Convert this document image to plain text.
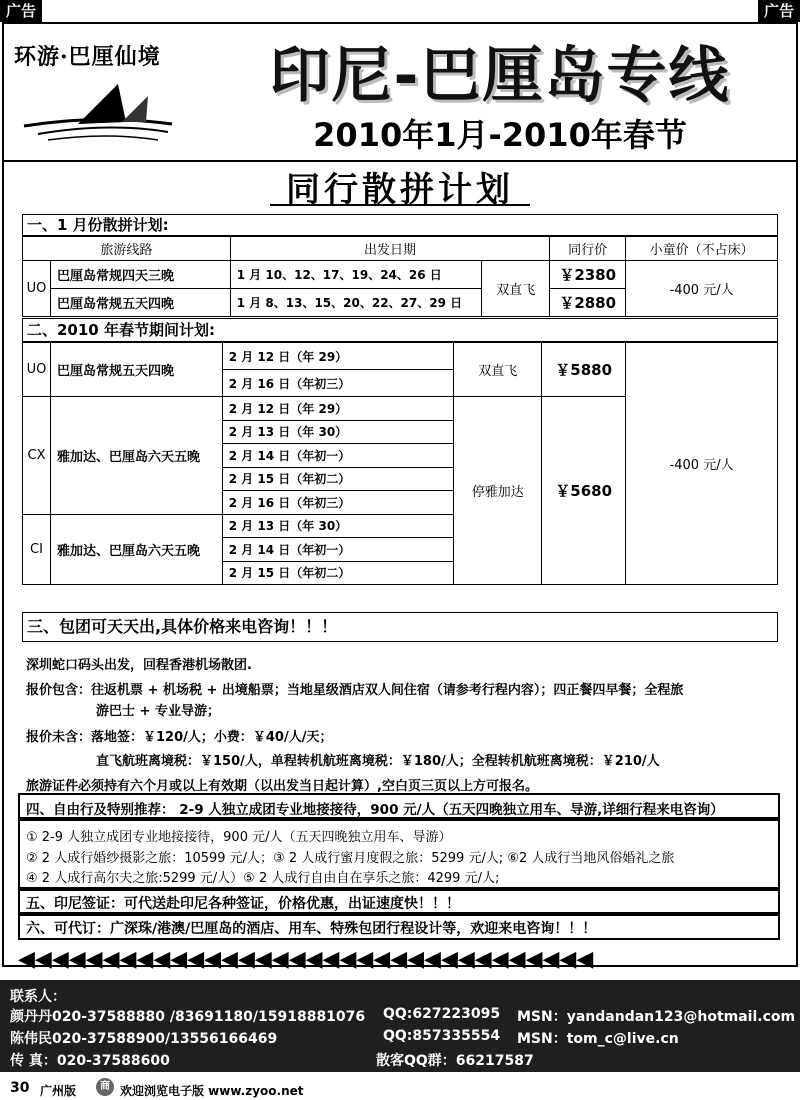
广告	广告
环游·巴厘仙境	印尼-巴厘岛专线
2010年1月-2010年春节
同行散拼计划
一、1 月份散拼计划:
旅游线路		出发日期		同行价	小童价（不占床）
UO	巴厘岛常规四天三晚	1 月 10、12、17、19、24、26 日	双直飞	￥2380	-400 元/人
	巴厘岛常规五天四晚	1 月 8、13、15、20、22、27、29 日		￥2880	
二、2010 年春节期间计划:
UO	巴厘岛常规五天四晚	2 月 12 日（年 29）	双直飞	￥5880	-400 元/人
		2 月 16 日（年初三）			
CX	雅加达、巴厘岛六天五晚	2 月 12 日（年 29）	停雅加达	￥5680	
		2 月 13 日（年 30）			
		2 月 14 日（年初一）			
		2 月 15 日（年初二）			
		2 月 16 日（年初三）			
CI	雅加达、巴厘岛六天五晚	2 月 13 日（年 30）			
		2 月 14 日（年初一）			
		2 月 15 日（年初二）			
三、包团可天天出,具体价格来电咨询！！！
深圳蛇口码头出发，回程香港机场散团.
报价包含：往返机票 + 机场税 + 出境船票；当地星级酒店双人间住宿（请参考行程内容）；四正餐四早餐；全程旅
游巴士 + 专业导游；
报价未含：落地签：￥120/人；小费：￥40/人/天；
直飞航班离境税：￥150/人，单程转机航班离境税：￥180/人；全程转机航班离境税：￥210/人
旅游证件必须持有六个月或以上有效期（以出发当日起计算）,空白页三页以上方可报名。
四、自由行及特别推荐： 2-9 人独立成团专业地接接待，900 元/人（五天四晚独立用车、导游,详细行程来电咨询）
① 2-9 人独立成团专业地接接待，900 元/人（五天四晚独立用车、导游）
② 2 人成行婚纱摄影之旅：10599 元/人；③ 2 人成行蜜月度假之旅：5299 元/人; ⑥2 人成行当地风俗婚礼之旅
④ 2 人成行高尔夫之旅:5299 元/人）⑤ 2 人成行自由自在享乐之旅：4299 元/人;
五、印尼签证：可代送赴印尼各种签证，价格优惠，出证速度快！！！
六、可代订：广深珠/港澳/巴厘岛的酒店、用车、特殊包团行程设计等，欢迎来电咨询！！！
◀◀◀◀◀◀◀◀◀◀◀◀◀◀◀◀◀◀◀◀◀◀◀◀◀◀◀◀◀◀◀◀◀◀
联系人：
颜丹丹020-37588880 /83691180/15918881076 QQ:627223095 MSN：yandandan123@hotmail.com
陈伟民020-37588900/13556166469	QQ:857335554 MSN：tom_c@live.cn
传 真：020-37588600	散客QQ群：66217587
30 广州版	商 欢迎浏览电子版 www.zyoo.net
